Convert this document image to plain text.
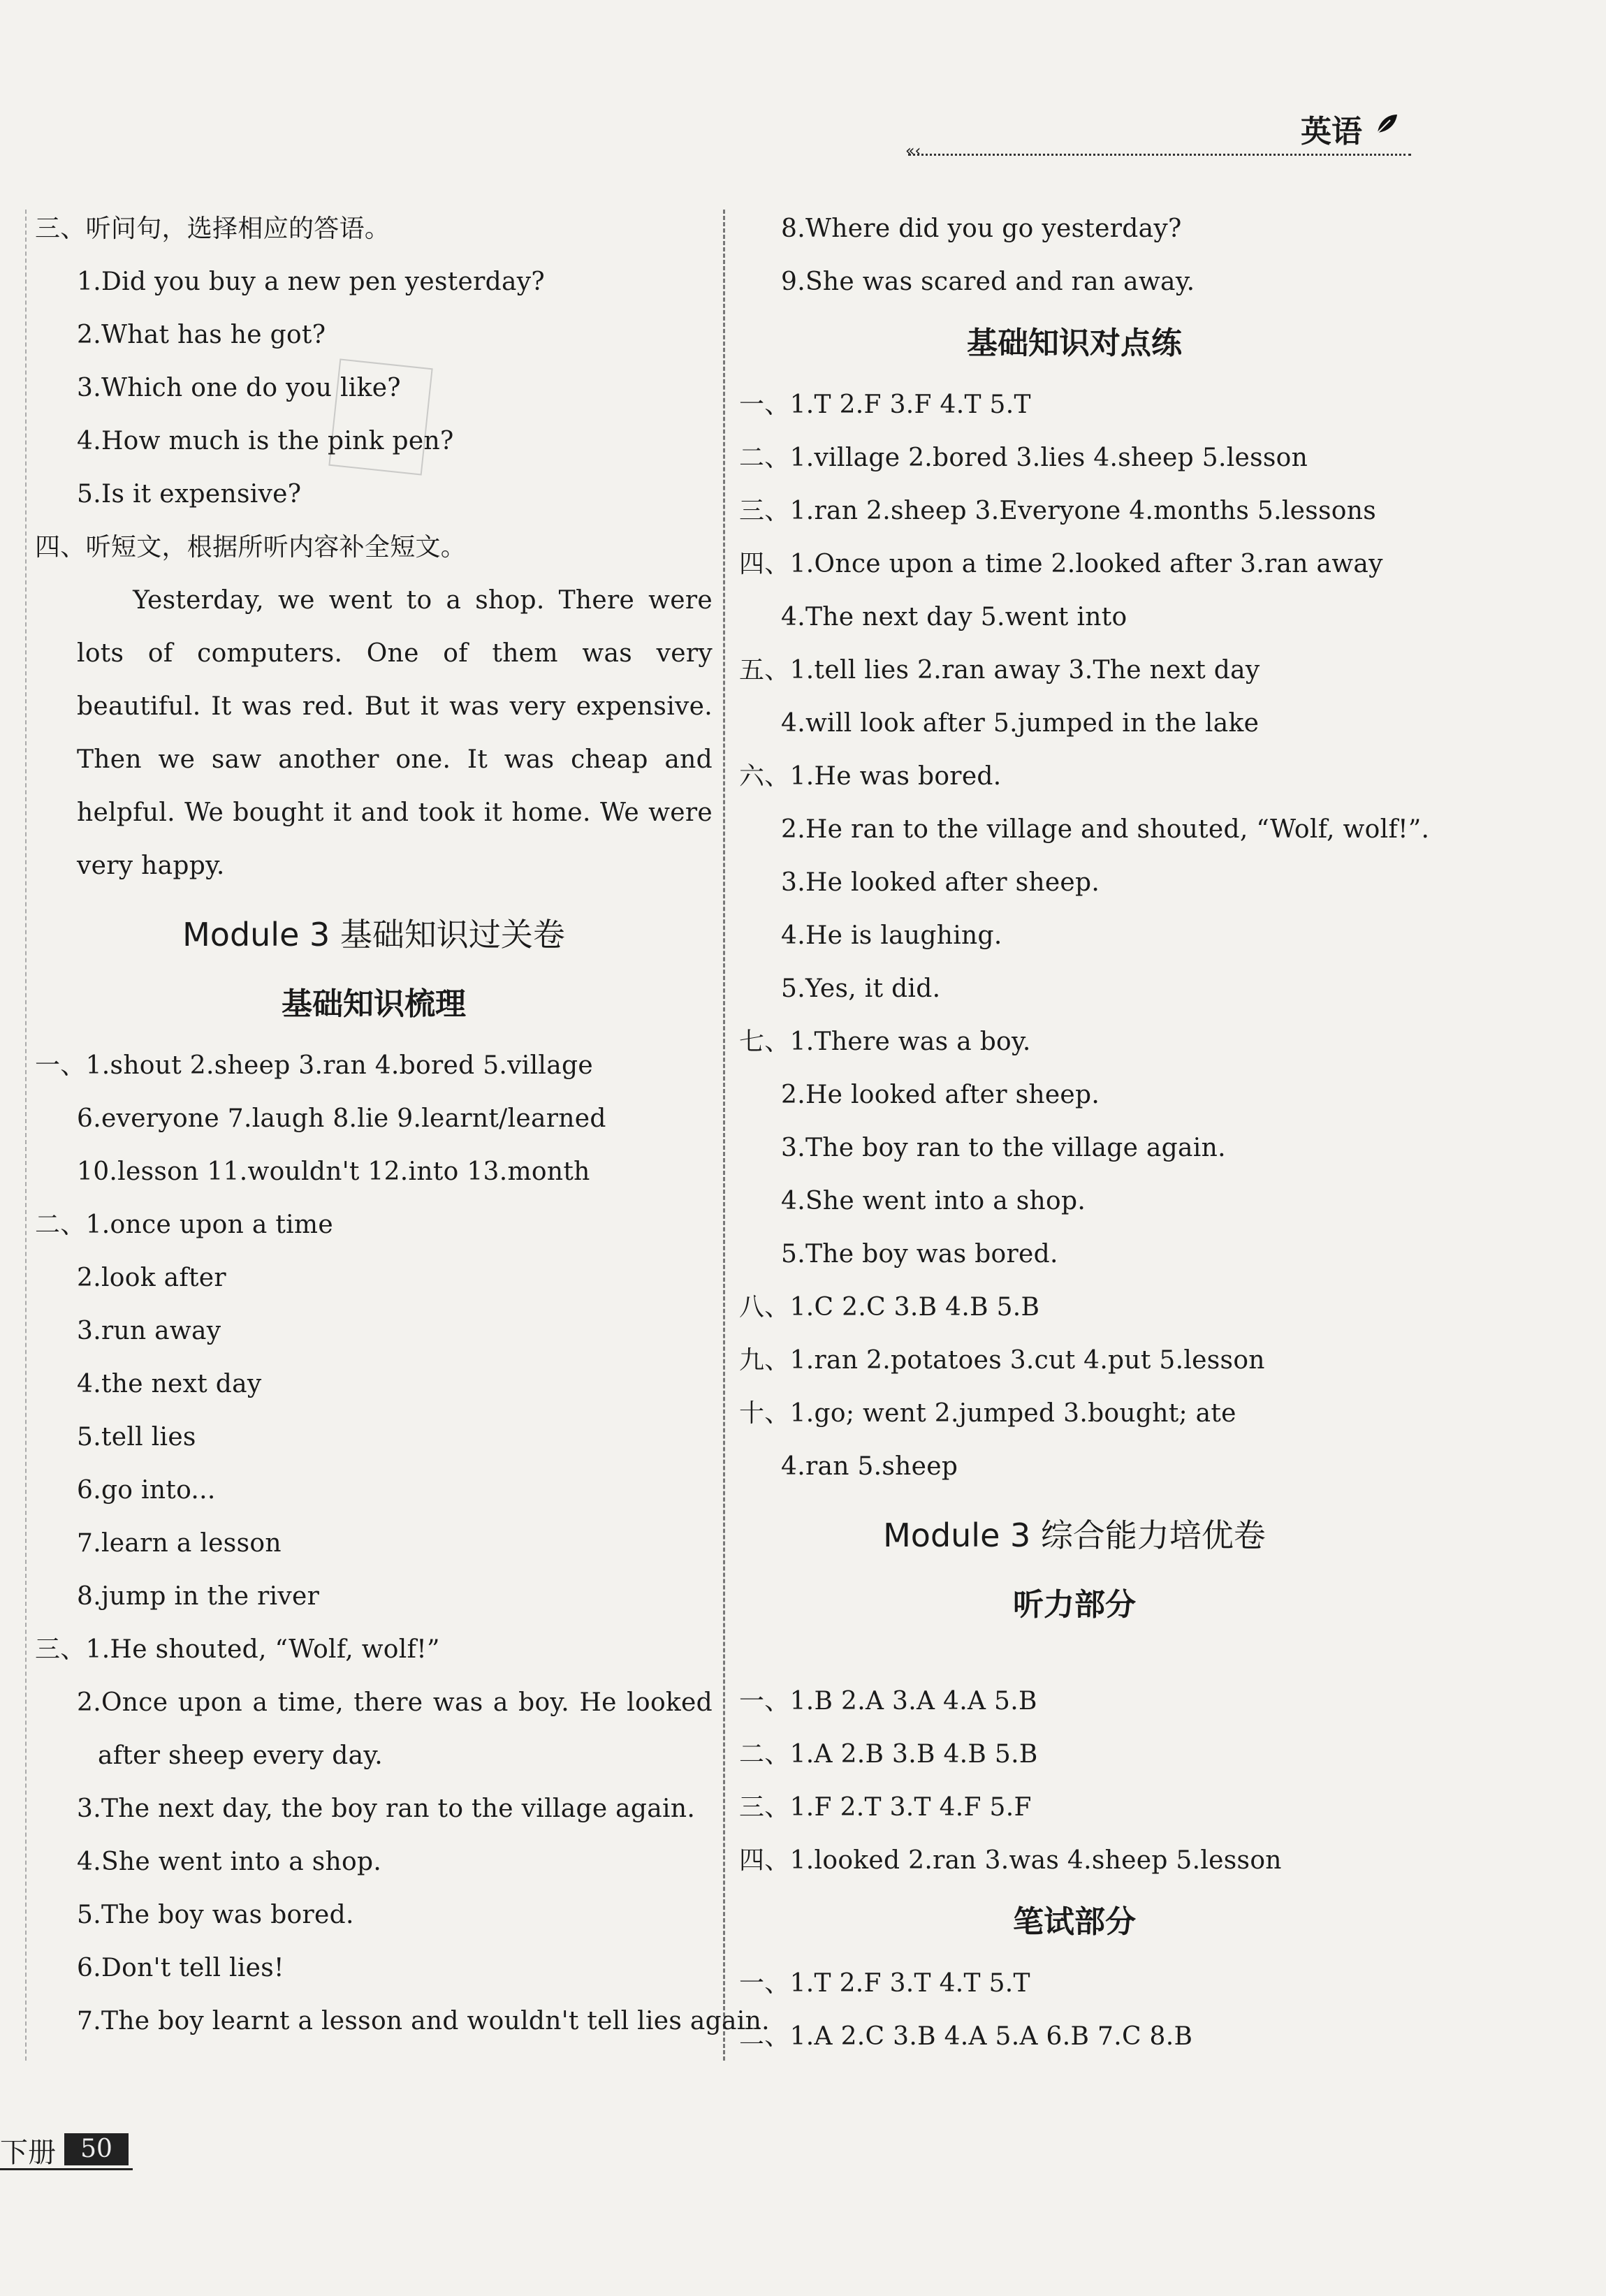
英语
«‹
三、听问句，选择相应的答语。
1.Did you buy a new pen yesterday?
2.What has he got?
3.Which one do you like?
4.How much is the pink pen?
5.Is it expensive?
四、听短文，根据所听内容补全短文。
Yesterday, we went to a shop. There were
lots of computers. One of them was very
beautiful. It was red. But it was very expensive.
Then we saw another one. It was cheap and
helpful. We bought it and took it home. We were
very happy.
Module 3 基础知识过关卷
基础知识梳理
一、1.shout 2.sheep 3.ran 4.bored 5.village
6.everyone 7.laugh 8.lie 9.learnt/learned
10.lesson 11.wouldn't 12.into 13.month
二、1.once upon a time
2.look after
3.run away
4.the next day
5.tell lies
6.go into...
7.learn a lesson
8.jump in the river
三、1.He shouted, “Wolf, wolf!”
2.Once upon a time, there was a boy. He looked
after sheep every day.
3.The next day, the boy ran to the village again.
4.She went into a shop.
5.The boy was bored.
6.Don't tell lies!
7.The boy learnt a lesson and wouldn't tell lies again.
8.Where did you go yesterday?
9.She was scared and ran away.
基础知识对点练
一、1.T 2.F 3.F 4.T 5.T
二、1.village 2.bored 3.lies 4.sheep 5.lesson
三、1.ran 2.sheep 3.Everyone 4.months 5.lessons
四、1.Once upon a time 2.looked after 3.ran away
4.The next day 5.went into
五、1.tell lies 2.ran away 3.The next day
4.will look after 5.jumped in the lake
六、1.He was bored.
2.He ran to the village and shouted, “Wolf, wolf!”.
3.He looked after sheep.
4.He is laughing.
5.Yes, it did.
七、1.There was a boy.
2.He looked after sheep.
3.The boy ran to the village again.
4.She went into a shop.
5.The boy was bored.
八、1.C 2.C 3.B 4.B 5.B
九、1.ran 2.potatoes 3.cut 4.put 5.lesson
十、1.go; went 2.jumped 3.bought; ate
4.ran 5.sheep
Module 3 综合能力培优卷
听力部分
一、1.B 2.A 3.A 4.A 5.B
二、1.A 2.B 3.B 4.B 5.B
三、1.F 2.T 3.T 4.F 5.F
四、1.looked 2.ran 3.was 4.sheep 5.lesson
笔试部分
一、1.T 2.F 3.T 4.T 5.T
二、1.A 2.C 3.B 4.A 5.A 6.B 7.C 8.B
下册 50
